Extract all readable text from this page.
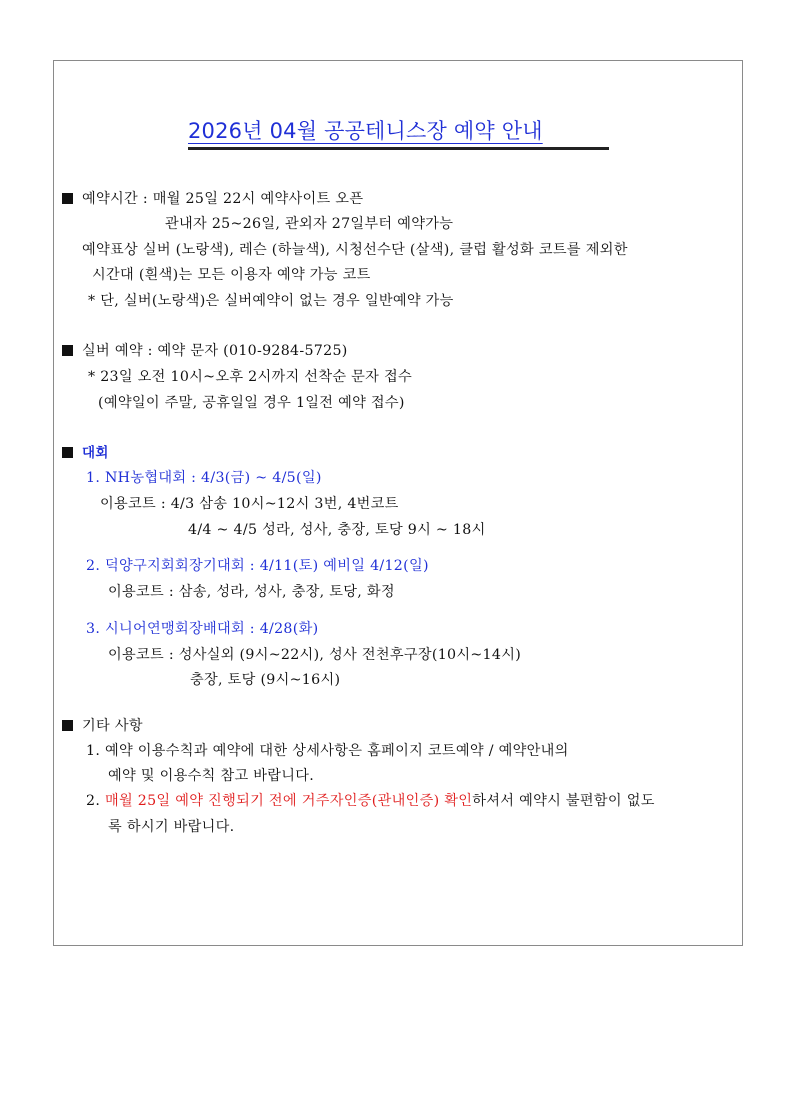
2026년 04월 공공테니스장 예약 안내
예약시간 : 매월 25일 22시 예약사이트 오픈
관내자 25~26일, 관외자 27일부터 예약가능
예약표상 실버 (노랑색), 레슨 (하늘색), 시청선수단 (살색), 클럽 활성화 코트를 제외한
시간대 (흰색)는 모든 이용자 예약 가능 코트
* 단, 실버(노랑색)은 실버예약이 없는 경우 일반예약 가능
실버 예약 : 예약 문자 (010-9284-5725)
* 23일 오전 10시~오후 2시까지 선착순 문자 접수
(예약일이 주말, 공휴일일 경우 1일전 예약 접수)
대회
1. NH농협대회 : 4/3(금) ~ 4/5(일)
이용코트 : 4/3 삼송 10시~12시 3번, 4번코트
4/4 ~ 4/5 성라, 성사, 충장, 토당 9시 ~ 18시
2. 덕양구지회회장기대회 : 4/11(토) 예비일 4/12(일)
이용코트 : 삼송, 성라, 성사, 충장, 토당, 화정
3. 시니어연맹회장배대회 : 4/28(화)
이용코트 : 성사실외 (9시~22시), 성사 전천후구장(10시~14시)
충장, 토당 (9시~16시)
기타 사항
1. 예약 이용수칙과 예약에 대한 상세사항은 홈페이지 코트예약 / 예약안내의
예약 및 이용수칙 참고 바랍니다.
2. 매월 25일 예약 진행되기 전에 거주자인증(관내인증) 확인하셔서 예약시 불편함이 없도
록 하시기 바랍니다.
